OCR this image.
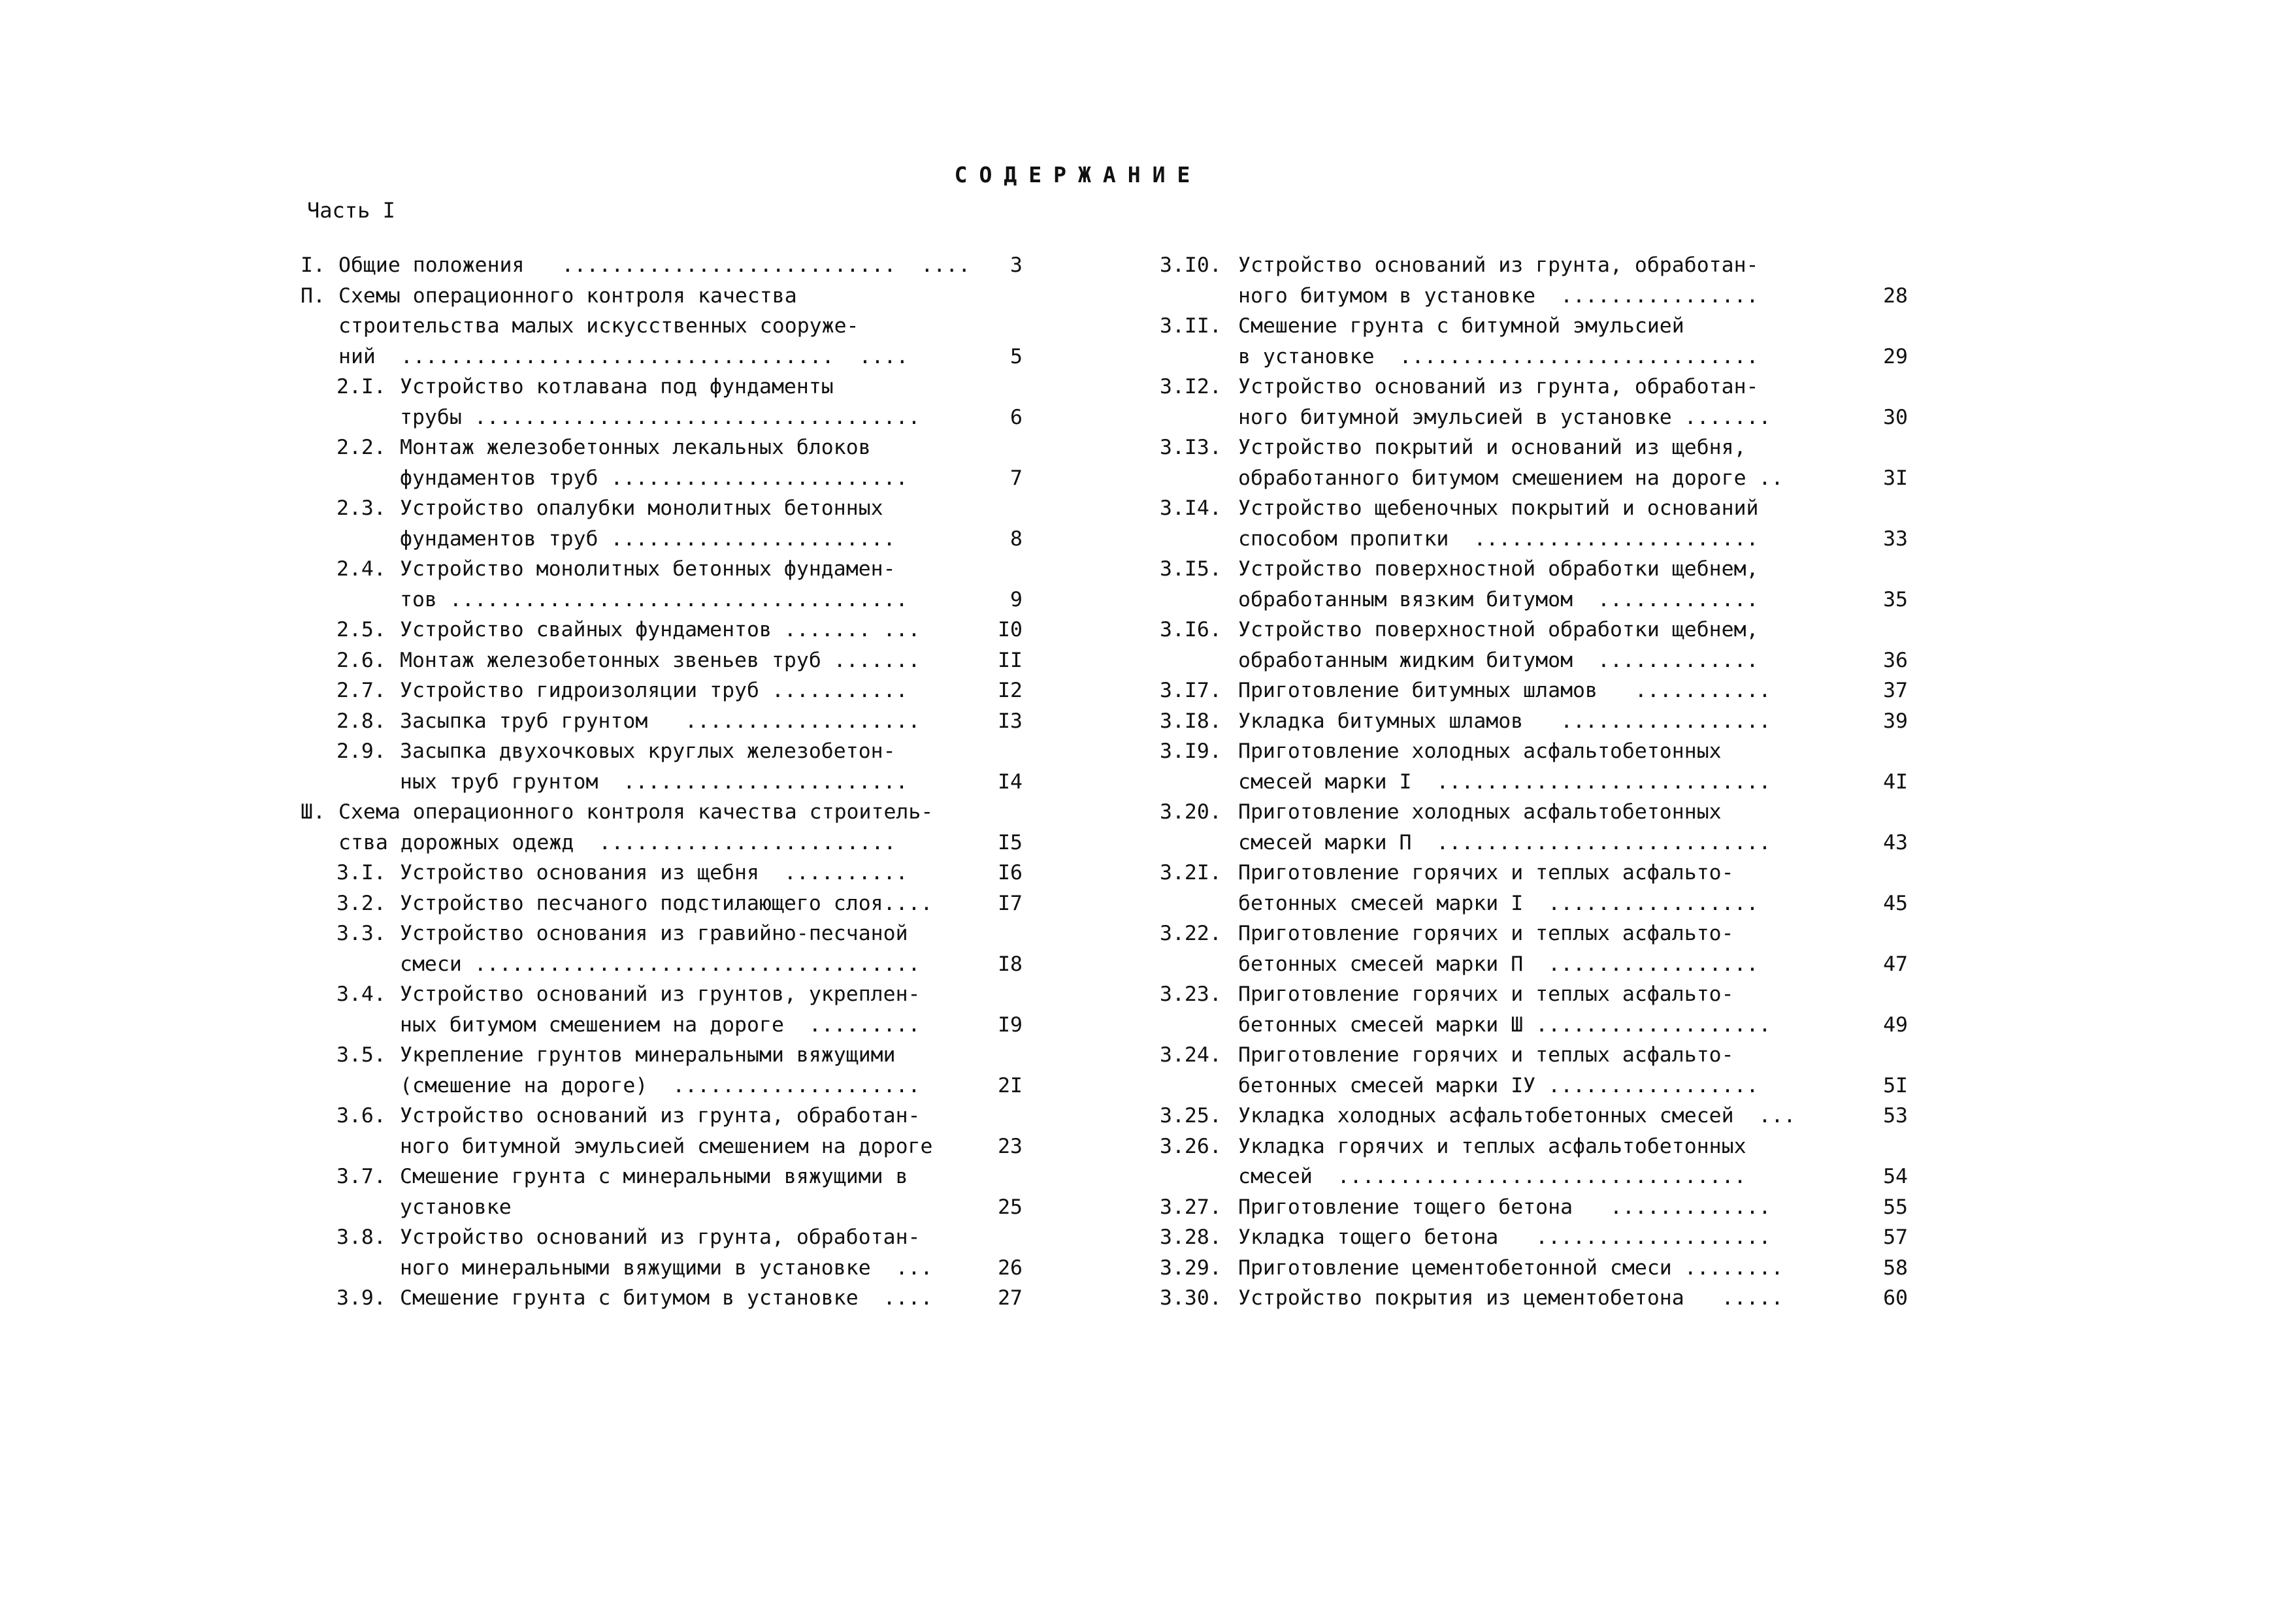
СОДЕРЖАНИЕ
Часть I
I. Общие положения   ...........................  ....	3
П. Схемы операционного контроля качества
строительства малых искусственных сооруже-
ний  ...................................  ....	5
2.I. Устройство котлавана под фундаменты
трубы ....................................	6
2.2. Монтаж железобетонных лекальных блоков
фундаментов труб ........................	7
2.3. Устройство опалубки монолитных бетонных
фундаментов труб .......................	8
2.4. Устройство монолитных бетонных фундамен-
тов .....................................	9
2.5. Устройство свайных фундаментов ....... ...	I0
2.6. Монтаж железобетонных звеньев труб .......	II
2.7. Устройство гидроизоляции труб ...........	I2
2.8. Засыпка труб грунтом   ...................	I3
2.9. Засыпка двухочковых круглых железобетон-
ных труб грунтом  .......................	I4
Ш. Схема операционного контроля качества строитель-
ства дорожных одежд  ........................	I5
3.I. Устройство основания из щебня  ..........	I6
3.2. Устройство песчаного подстилающего слоя....	I7
3.3. Устройство основания из гравийно-песчаной
смеси ....................................	I8
3.4. Устройство оснований из грунтов, укреплен-
ных битумом смешением на дороге  .........	I9
3.5. Укрепление грунтов минеральными вяжущими
(смешение на дороге)  ....................	2I
3.6. Устройство оснований из грунта, обработан-
ного битумной эмульсией смешением на дороге	23
3.7. Смешение грунта с минеральными вяжущими в
установке	25
3.8. Устройство оснований из грунта, обработан-
ного минеральными вяжущими в установке  ...	26
3.9. Смешение грунта с битумом в установке  ....	27
3.I0. Устройство оснований из грунта, обработан-
ного битумом в установке  ................	28
3.II. Смешение грунта с битумной эмульсией
в установке  .............................	29
3.I2. Устройство оснований из грунта, обработан-
ного битумной эмульсией в установке .......	30
3.I3. Устройство покрытий и оснований из щебня,
обработанного битумом смешением на дороге ..	3I
3.I4. Устройство щебеночных покрытий и оснований
способом пропитки  .......................	33
3.I5. Устройство поверхностной обработки щебнем,
обработанным вязким битумом  .............	35
3.I6. Устройство поверхностной обработки щебнем,
обработанным жидким битумом  .............	36
3.I7. Приготовление битумных шламов   ...........	37
3.I8. Укладка битумных шламов   .................	39
3.I9. Приготовление холодных асфальтобетонных
смесей марки I  ...........................	4I
3.20. Приготовление холодных асфальтобетонных
смесей марки П  ...........................	43
3.2I. Приготовление горячих и теплых асфальто-
бетонных смесей марки I  .................	45
3.22. Приготовление горячих и теплых асфальто-
бетонных смесей марки П  .................	47
3.23. Приготовление горячих и теплых асфальто-
бетонных смесей марки Ш ...................	49
3.24. Приготовление горячих и теплых асфальто-
бетонных смесей марки IУ .................	5I
3.25. Укладка холодных асфальтобетонных смесей  ...	53
3.26. Укладка горячих и теплых асфальтобетонных
смесей  .................................	54
3.27. Приготовление тощего бетона   .............	55
3.28. Укладка тощего бетона   ...................	57
3.29. Приготовление цементобетонной смеси ........	58
3.30. Устройство покрытия из цементобетона   .....	60
